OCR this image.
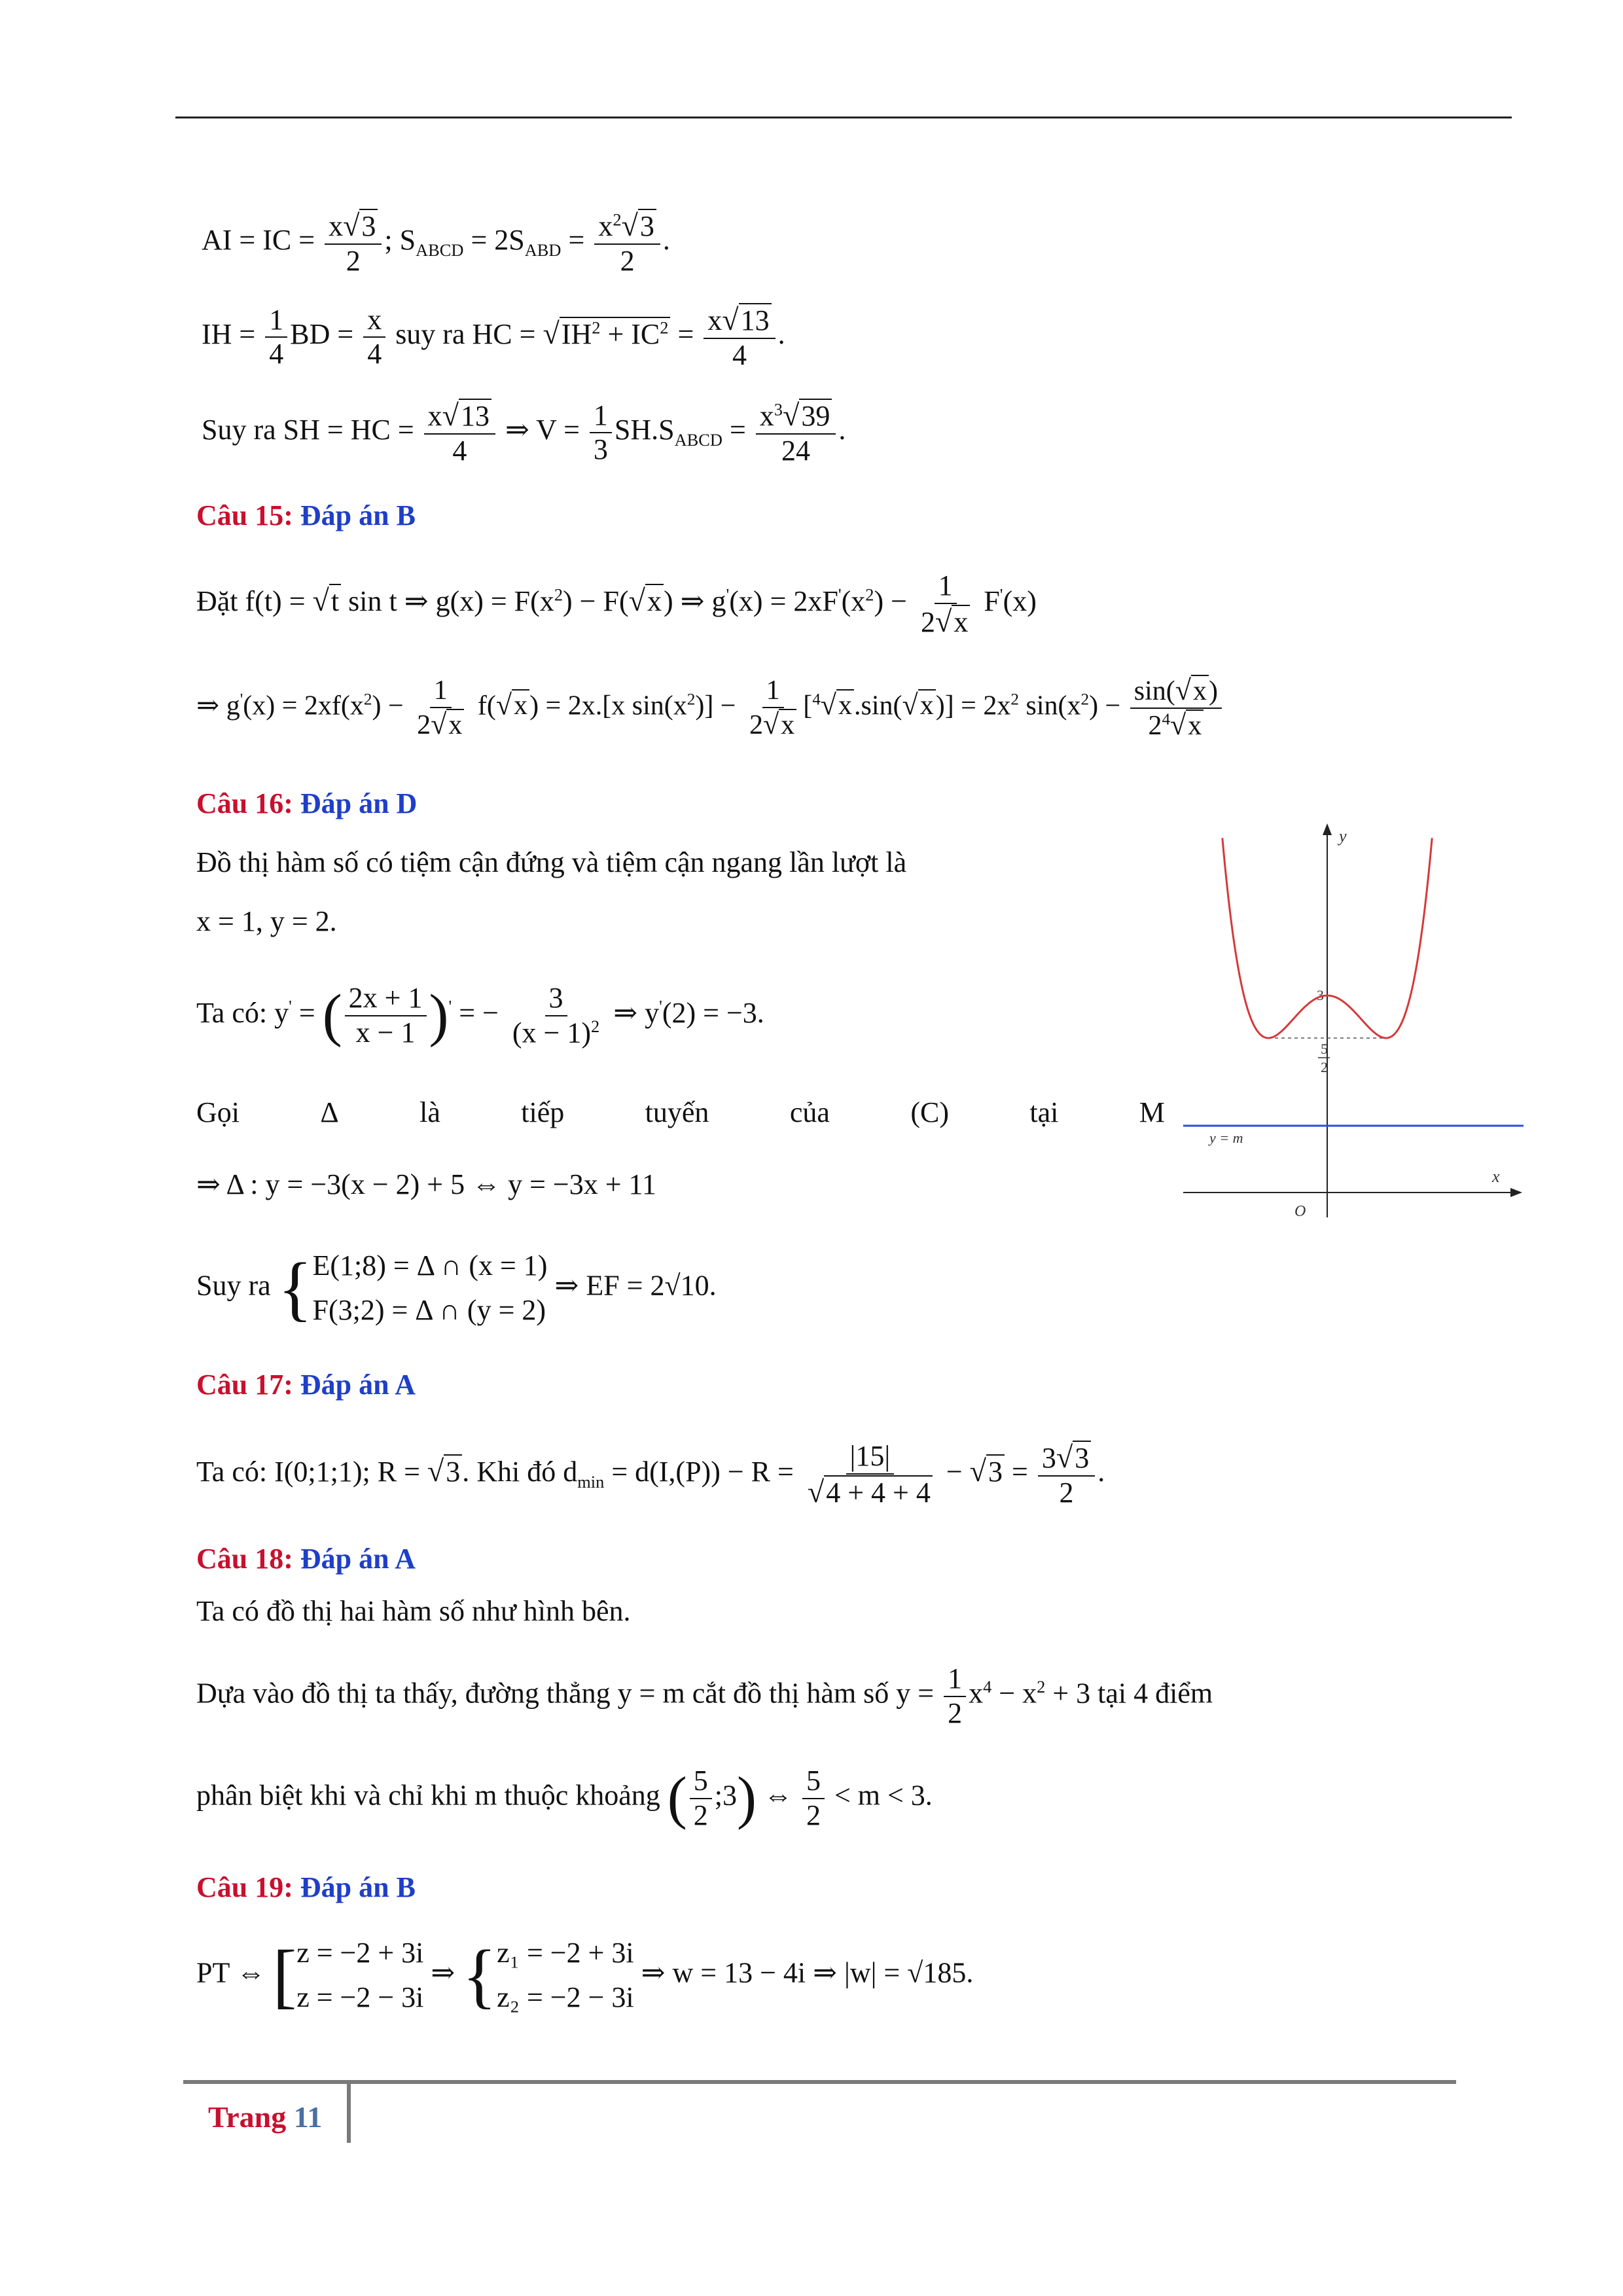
AI = IC = $\frac{x√3}{2}$ ; $S_{ABCD} = 2S_{ABD} = \frac{x^2√3}{2}$ .
IH = $\frac{1}{4}$ BD = $\frac{x}{4}$ suy ra HC = $√IH^2 + IC^2 = \frac{x√13}{4}$ .
Suy ra SH = HC = $\frac{x√13}{4}$ ⇒ $V = \frac{1}{3} SH.S_{ABCD} = \frac{x^3√39}{24}$ .
Câu 15: Đáp án B
Đặt f(t) = √t sin t ⇒ $g(x) = F(x^2) - F(√x)$ ⇒ $g'(x) = 2xF'(x^2) - \frac{1}{2√x} F'(x)$
⇒ $g'(x) = 2xf(x^2) - \frac{1}{2√x} f(√x) = 2x.[x$ $\sin(x^2)] - \frac{1}{2√x} [^4√x.\sin(√x)] = 2x^2$ $\sin(x^2) - \frac{\sin(√x)}{2^4√x}$
Câu 16: Đáp án D
Đồ thị hàm số có tiệm cận đứng và tiệm cận ngang lần lượt là
x = 1, y = 2.
Ta có: y' = ( $\frac{2x + 1}{x - 1} )'$ = − $\frac{3}{(x - 1)^2}$ ⇒ y'(2) = −3.
Gọi	Δ	là	tiếp	tuyến	của	(C)	tại	M
⇒ Δ : y = −3(x − 2) + 5 ⇔ y = −3x + 11
Suy ra { E(1;8) = Δ ∩ (x = 1)
F(3;2) = Δ ∩ (y = 2)
⇒ EF = 2√10.
y
x
O
3
5
2
y = m
Câu 17: Đáp án A
Ta có: I(0;1;1); R = √3. Khi đó $d_{min} = d(I,(P)) - R = \frac{|15|}{√4 + 4 + 4} - √3 = \frac{3√3}{2}$ .
Câu 18: Đáp án A
Ta có đồ thị hai hàm số như hình bên.
Dựa vào đồ thị ta thấy, đường thẳng y = m cắt đồ thị hàm số $y = \frac{1}{2} x^4 - x^2 + 3$ tại 4 điểm
phân biệt khi và chỉ khi m thuộc khoảng ( $\frac{5}{2}$ ;3) ⇔ $\frac{5}{2} < m < 3$.
Câu 19: Đáp án B
PT ⇔ [ z = −2 + 3i
z = −2 − 3i
⇒ { z₁ = −2 + 3i
z₂ = −2 − 3i
⇒ w = 13 − 4i ⇒ |w| = √185.
Trang 11
